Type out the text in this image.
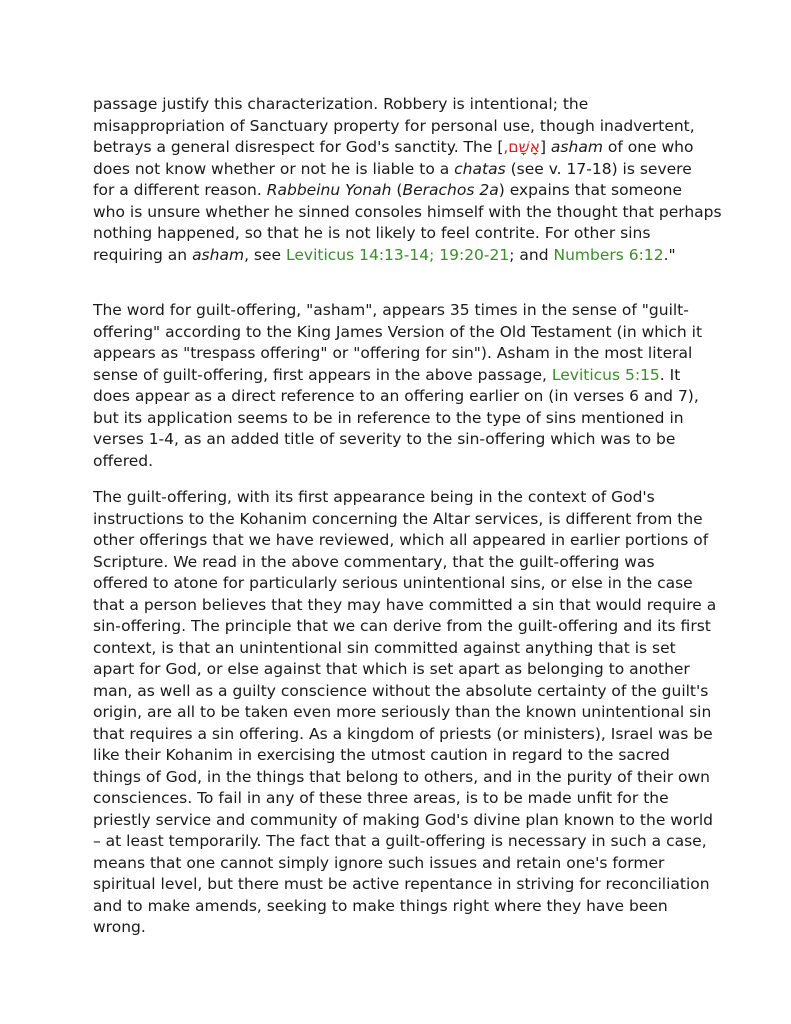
passage justify this characterization. Robbery is intentional; the
misappropriation of Sanctuary property for personal use, though inadvertent,
betrays a general disrespect for God's sanctity. The [אָשָׁם,] asham of one who
does not know whether or not he is liable to a chatas (see v. 17-18) is severe
for a different reason. Rabbeinu Yonah (Berachos 2a) expains that someone
who is unsure whether he sinned consoles himself with the thought that perhaps
nothing happened, so that he is not likely to feel contrite. For other sins
requiring an asham, see Leviticus 14:13-14; 19:20-21; and Numbers 6:12."

The word for guilt-offering, "asham", appears 35 times in the sense of "guilt-
offering" according to the King James Version of the Old Testament (in which it
appears as "trespass offering" or "offering for sin"). Asham in the most literal
sense of guilt-offering, first appears in the above passage, Leviticus 5:15. It
does appear as a direct reference to an offering earlier on (in verses 6 and 7),
but its application seems to be in reference to the type of sins mentioned in
verses 1-4, as an added title of severity to the sin-offering which was to be
offered.

The guilt-offering, with its first appearance being in the context of God's
instructions to the Kohanim concerning the Altar services, is different from the
other offerings that we have reviewed, which all appeared in earlier portions of
Scripture. We read in the above commentary, that the guilt-offering was
offered to atone for particularly serious unintentional sins, or else in the case
that a person believes that they may have committed a sin that would require a
sin-offering. The principle that we can derive from the guilt-offering and its first
context, is that an unintentional sin committed against anything that is set
apart for God, or else against that which is set apart as belonging to another
man, as well as a guilty conscience without the absolute certainty of the guilt's
origin, are all to be taken even more seriously than the known unintentional sin
that requires a sin offering. As a kingdom of priests (or ministers), Israel was be
like their Kohanim in exercising the utmost caution in regard to the sacred
things of God, in the things that belong to others, and in the purity of their own
consciences. To fail in any of these three areas, is to be made unfit for the
priestly service and community of making God's divine plan known to the world
– at least temporarily. The fact that a guilt-offering is necessary in such a case,
means that one cannot simply ignore such issues and retain one's former
spiritual level, but there must be active repentance in striving for reconciliation
and to make amends, seeking to make things right where they have been
wrong.
